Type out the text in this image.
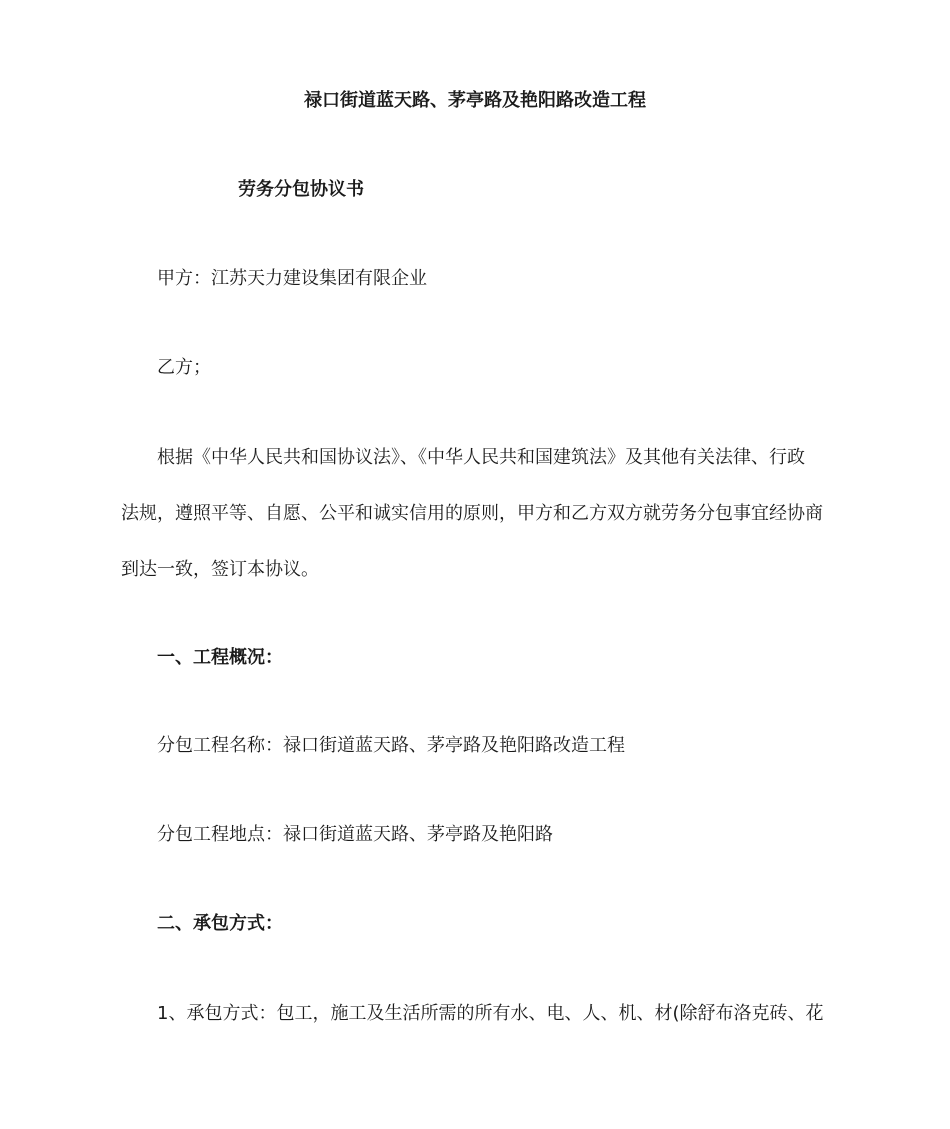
禄口街道蓝天路、茅亭路及艳阳路改造工程
劳务分包协议书
甲方：江苏天力建设集团有限企业
乙方；
根据《中华人民共和国协议法》、《中华人民共和国建筑法》及其他有关法律、行政
法规，遵照平等、自愿、公平和诚实信用的原则，甲方和乙方双方就劳务分包事宜经协商
到达一致，签订本协议。
一、工程概况：
分包工程名称：禄口街道蓝天路、茅亭路及艳阳路改造工程
分包工程地点：禄口街道蓝天路、茅亭路及艳阳路
二、承包方式：
1、承包方式：包工，施工及生活所需的所有水、电、人、机、材(除舒布洛克砖、花
